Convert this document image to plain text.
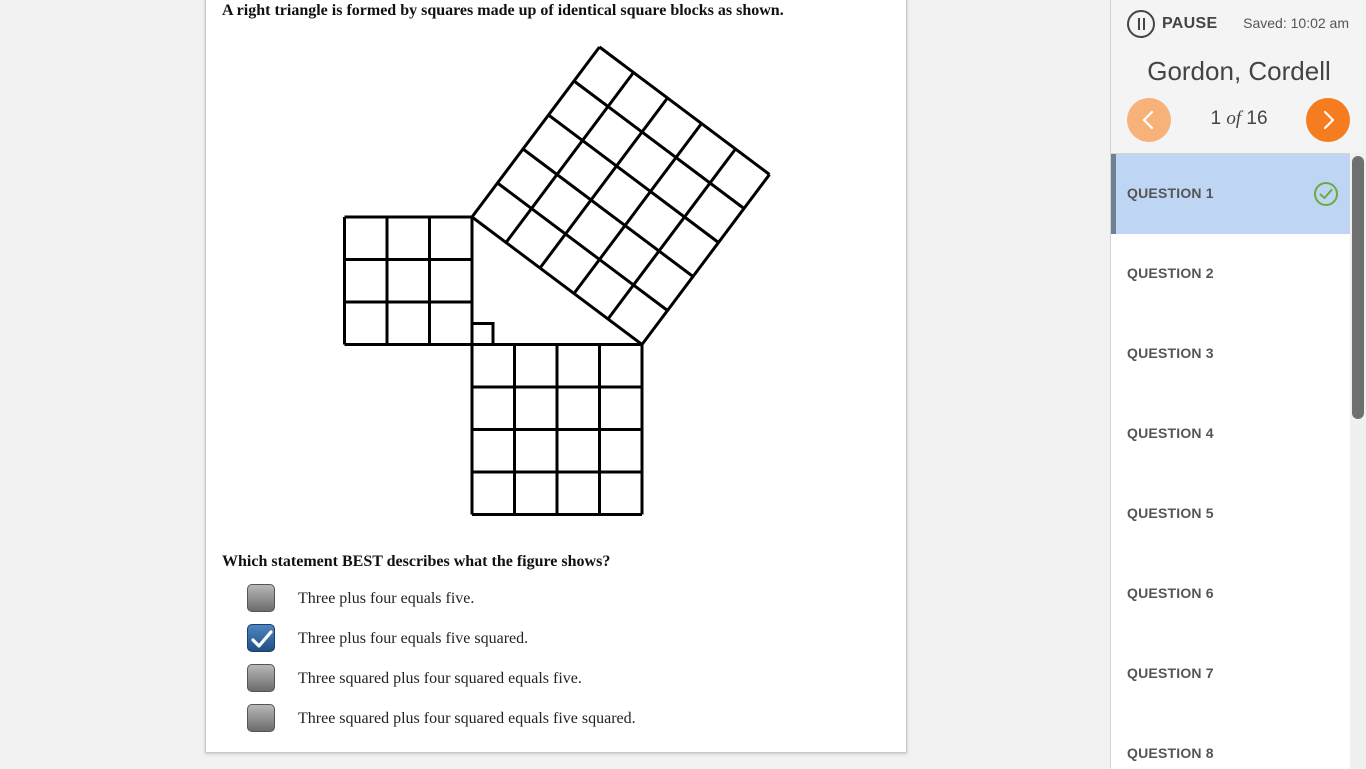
A right triangle is formed by squares made up of identical square blocks as shown.
Which statement BEST describes what the figure shows?
Three plus four equals five.
Three plus four equals five squared.
Three squared plus four squared equals five.
Three squared plus four squared equals five squared.
PAUSE Saved: 10:02 am
Gordon, Cordell
1 of 16
QUESTION 1
QUESTION 2
QUESTION 3
QUESTION 4
QUESTION 5
QUESTION 6
QUESTION 7
QUESTION 8
